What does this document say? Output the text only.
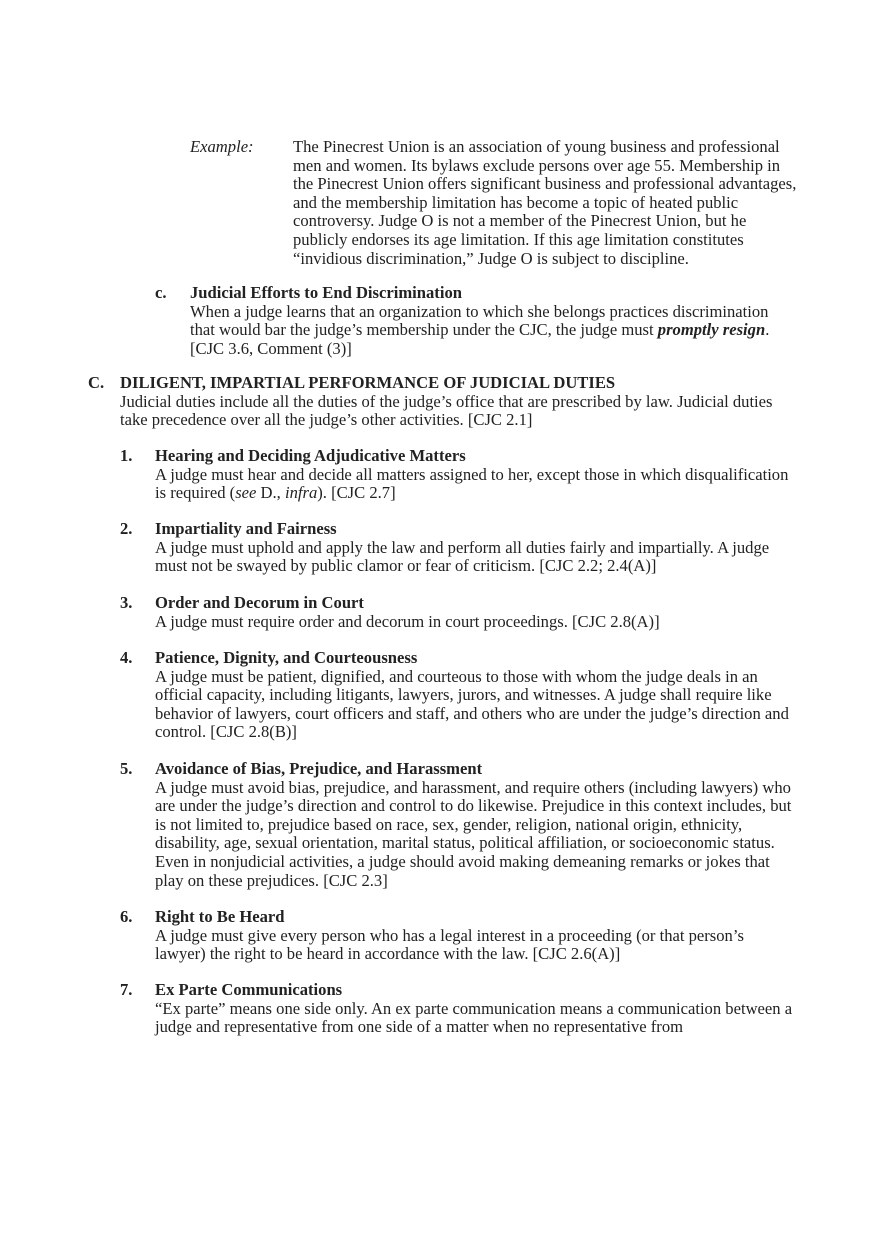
Example: The Pinecrest Union is an association of young business and professional men and women. Its bylaws exclude persons over age 55. Membership in the Pinecrest Union offers significant business and professional advantages, and the membership limitation has become a topic of heated public controversy. Judge O is not a member of the Pinecrest Union, but he publicly endorses its age limitation. If this age limitation constitutes “invidious discrimination,” Judge O is subject to discipline.

c. Judicial Efforts to End Discrimination

When a judge learns that an organization to which she belongs practices discrimination that would bar the judge’s membership under the CJC, the judge must promptly resign. [CJC 3.6, Comment (3)]

C. DILIGENT, IMPARTIAL PERFORMANCE OF JUDICIAL DUTIES

Judicial duties include all the duties of the judge’s office that are prescribed by law. Judicial duties take precedence over all the judge’s other activities. [CJC 2.1]

1. Hearing and Deciding Adjudicative Matters

A judge must hear and decide all matters assigned to her, except those in which disqualification is required (see D., infra). [CJC 2.7]

2. Impartiality and Fairness

A judge must uphold and apply the law and perform all duties fairly and impartially. A judge must not be swayed by public clamor or fear of criticism. [CJC 2.2; 2.4(A)]

3. Order and Decorum in Court

A judge must require order and decorum in court proceedings. [CJC 2.8(A)]

4. Patience, Dignity, and Courteousness

A judge must be patient, dignified, and courteous to those with whom the judge deals in an official capacity, including litigants, lawyers, jurors, and witnesses. A judge shall require like behavior of lawyers, court officers and staff, and others who are under the judge’s direction and control. [CJC 2.8(B)]

5. Avoidance of Bias, Prejudice, and Harassment

A judge must avoid bias, prejudice, and harassment, and require others (including lawyers) who are under the judge’s direction and control to do likewise. Prejudice in this context includes, but is not limited to, prejudice based on race, sex, gender, religion, national origin, ethnicity, disability, age, sexual orientation, marital status, political affiliation, or socioeconomic status. Even in nonjudicial activities, a judge should avoid making demeaning remarks or jokes that play on these prejudices. [CJC 2.3]

6. Right to Be Heard

A judge must give every person who has a legal interest in a proceeding (or that person’s lawyer) the right to be heard in accordance with the law. [CJC 2.6(A)]

7. Ex Parte Communications

“Ex parte” means one side only. An ex parte communication means a communication between a judge and representative from one side of a matter when no representative from
